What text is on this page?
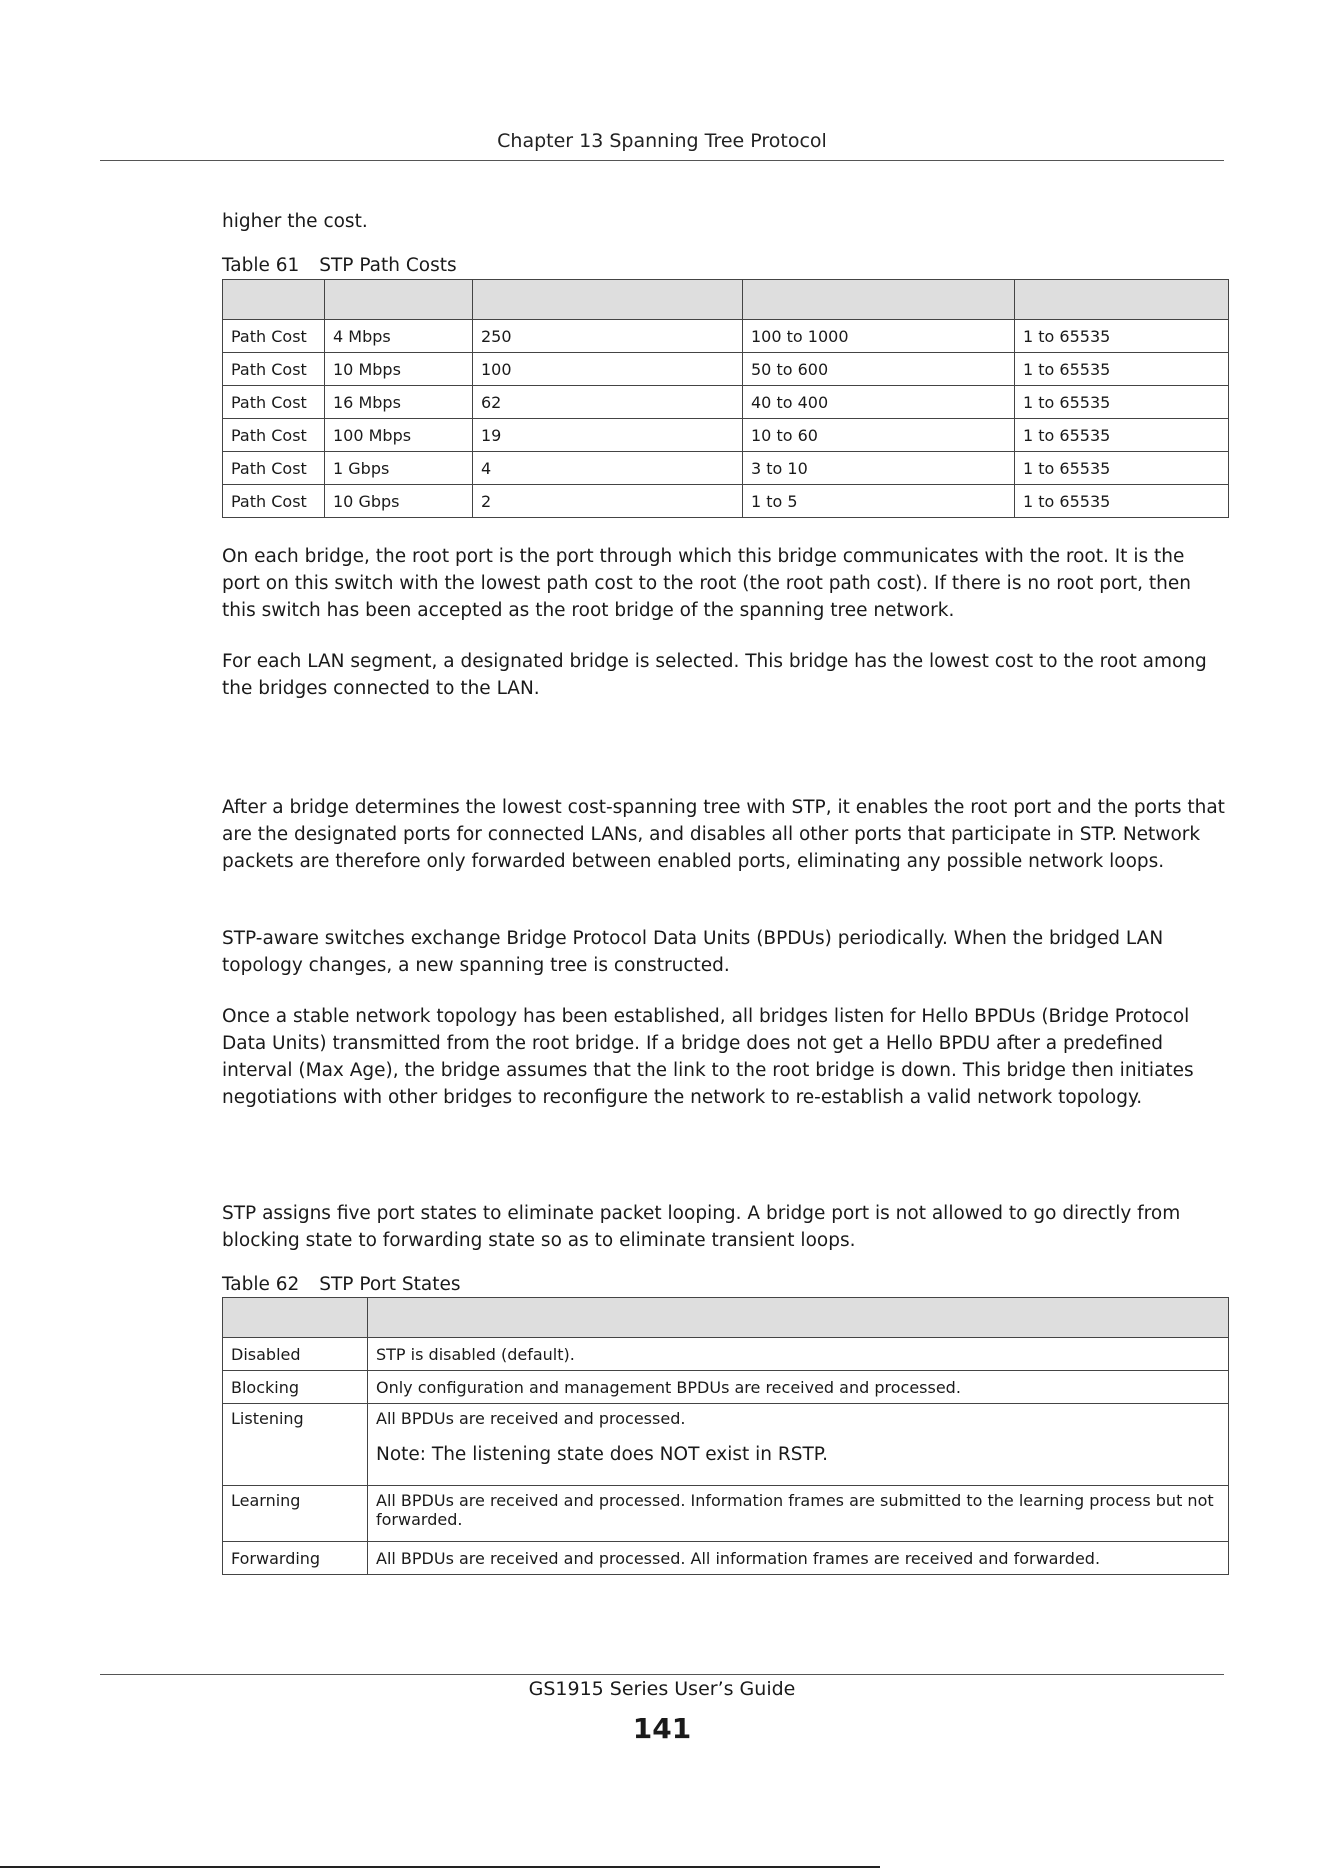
Chapter 13 Spanning Tree Protocol

higher the cost.

Table 61 STP Path Costs

Path Cost	4 Mbps	250	100 to 1000	1 to 65535
Path Cost	10 Mbps	100	50 to 600	1 to 65535
Path Cost	16 Mbps	62	40 to 400	1 to 65535
Path Cost	100 Mbps	19	10 to 60	1 to 65535
Path Cost	1 Gbps	4	3 to 10	1 to 65535
Path Cost	10 Gbps	2	1 to 5	1 to 65535

On each bridge, the root port is the port through which this bridge communicates with the root. It is the port on this switch with the lowest path cost to the root (the root path cost). If there is no root port, then this switch has been accepted as the root bridge of the spanning tree network.

For each LAN segment, a designated bridge is selected. This bridge has the lowest cost to the root among the bridges connected to the LAN.

After a bridge determines the lowest cost-spanning tree with STP, it enables the root port and the ports that are the designated ports for connected LANs, and disables all other ports that participate in STP. Network packets are therefore only forwarded between enabled ports, eliminating any possible network loops.

STP-aware switches exchange Bridge Protocol Data Units (BPDUs) periodically. When the bridged LAN topology changes, a new spanning tree is constructed.

Once a stable network topology has been established, all bridges listen for Hello BPDUs (Bridge Protocol Data Units) transmitted from the root bridge. If a bridge does not get a Hello BPDU after a predefined interval (Max Age), the bridge assumes that the link to the root bridge is down. This bridge then initiates negotiations with other bridges to reconfigure the network to re-establish a valid network topology.

STP assigns five port states to eliminate packet looping. A bridge port is not allowed to go directly from blocking state to forwarding state so as to eliminate transient loops.

Table 62 STP Port States

Disabled	STP is disabled (default).
Blocking	Only configuration and management BPDUs are received and processed.
Listening	All BPDUs are received and processed.
Note: The listening state does NOT exist in RSTP.

Learning	All BPDUs are received and processed. Information frames are submitted to the learning process but not forwarded.
Forwarding	All BPDUs are received and processed. All information frames are received and forwarded.
GS1915 Series User’s Guide
141
